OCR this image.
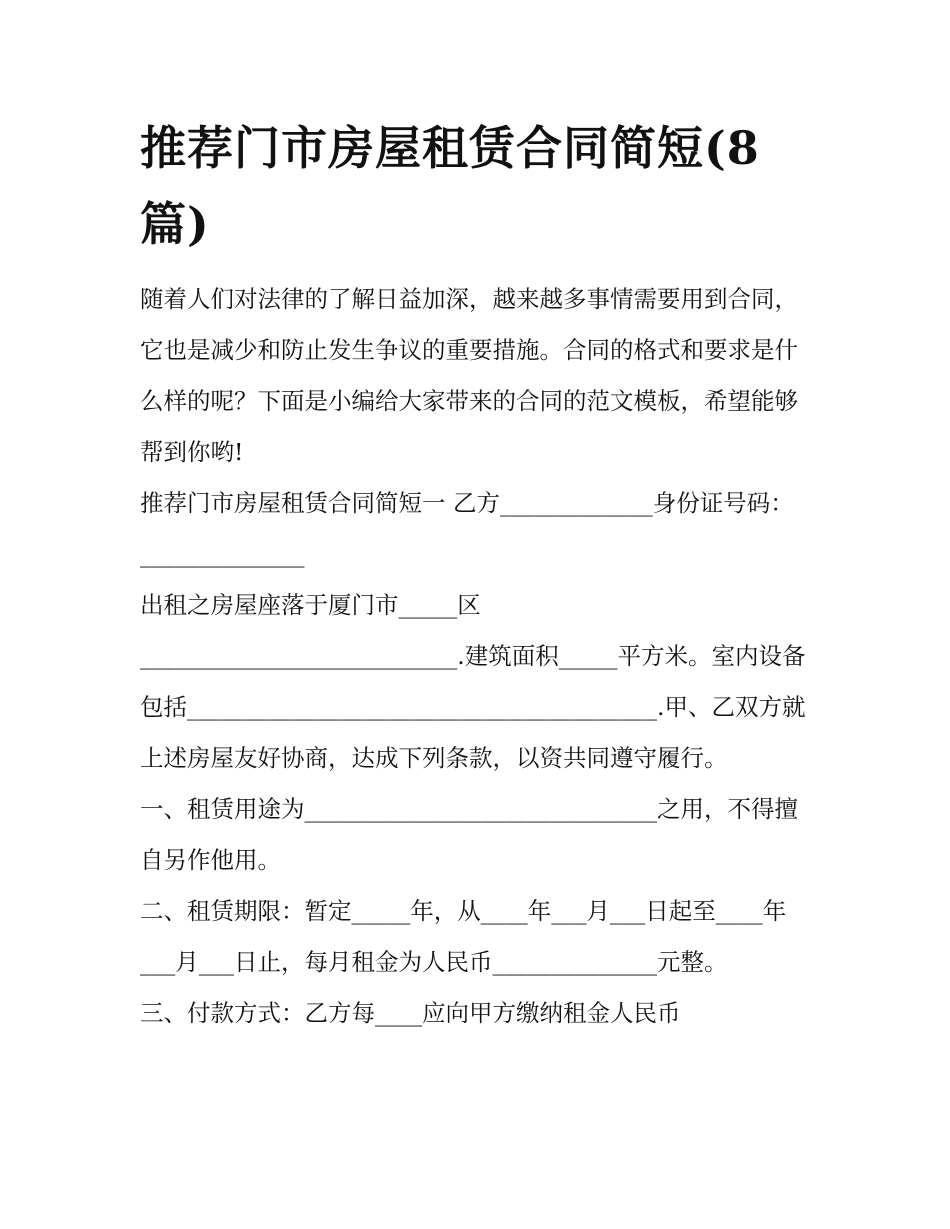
推荐门市房屋租赁合同简短(8篇)

随着人们对法律的了解日益加深，越来越多事情需要用到合同，它也是减少和防止发生争议的重要措施。合同的格式和要求是什么样的呢？下面是小编给大家带来的合同的范文模板，希望能够帮到你哟!

推荐门市房屋租赁合同简短一 乙方_____________身份证号码：______________

出租之房屋座落于厦门市_____区

___________________________.建筑面积_____平方米。室内设备包括________________________________________.甲、乙双方就上述房屋友好协商，达成下列条款，以资共同遵守履行。

一、租赁用途为______________________________之用，不得擅自另作他用。

二、租赁期限：暂定_____年，从____年___月___日起至____年___月___日止，每月租金为人民币______________元整。

三、付款方式：乙方每____应向甲方缴纳租金人民币
